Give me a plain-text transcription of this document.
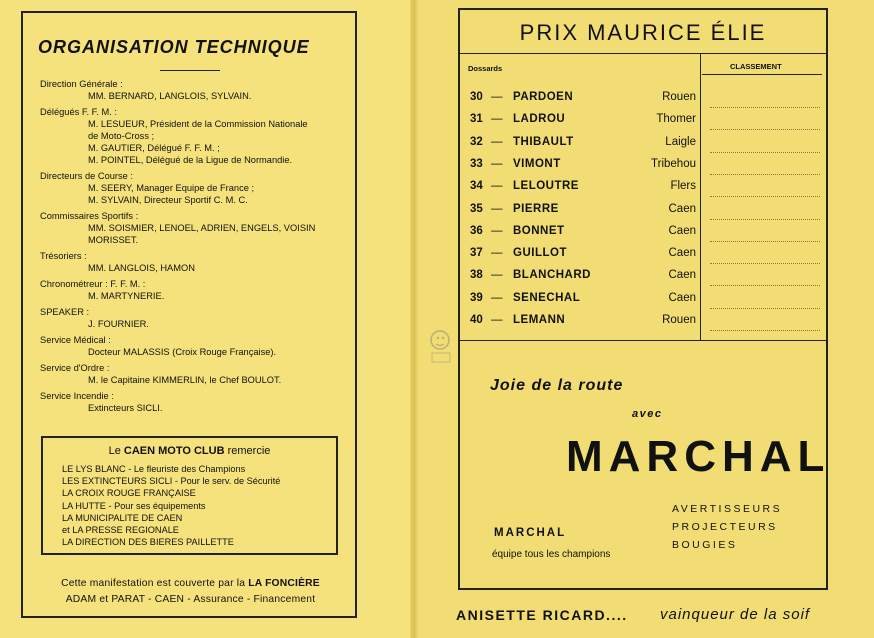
ORGANISATION TECHNIQUE
Direction Générale :
MM. BERNARD, LANGLOIS, SYLVAIN.
Délégués F. F. M. :
M. LESUEUR, Président de la Commission Nationale
de Moto-Cross ;
M. GAUTIER, Délégué F. F. M. ;
M. POINTEL, Délégué de la Ligue de Normandie.
Directeurs de Course :
M. SEERY, Manager Equipe de France ;
M. SYLVAIN, Directeur Sportif C. M. C.
Commissaires Sportifs :
MM. SOISMIER, LENOEL, ADRIEN, ENGELS, VOISIN
MORISSET.
Trésoriers :
MM. LANGLOIS, HAMON
Chronométreur : F. F. M. :
M. MARTYNERIE.
SPEAKER :
J. FOURNIER.
Service Médical :
Docteur MALASSIS (Croix Rouge Française).
Service d'Ordre :
M. le Capitaine KIMMERLIN, le Chef BOULOT.
Service Incendie :
Extincteurs SICLI.
Le CAEN MOTO CLUB remercie
LE LYS BLANC - Le fleuriste des Champions
LES EXTINCTEURS SICLI - Pour le serv. de Sécurité
LA CROIX ROUGE FRANÇAISE
LA HUTTE - Pour ses équipements
LA MUNICIPALITE DE CAEN
et LA PRESSE REGIONALE
LA DIRECTION DES BIERES PAILLETTE
Cette manifestation est couverte par la LA FONCIÈRE
ADAM et PARAT - CAEN - Assurance - Financement
PRIX MAURICE ÉLIE
Dossards	CLASSEMENT
30 — PARDOEN	Rouen
31 — LADROU	Thomer
32 — THIBAULT	Laigle
33 — VIMONT	Tribehou
34 — LELOUTRE	Flers
35 — PIERRE	Caen
36 — BONNET	Caen
37 — GUILLOT	Caen
38 — BLANCHARD	Caen
39 — SENECHAL	Caen
40 — LEMANN	Rouen
Joie de la route
avec
MARCHAL
AVERTISSEURS
PROJECTEURS
BOUGIES
MARCHAL
équipe tous les champions
ANISETTE RICARD.... vainqueur de la soif
